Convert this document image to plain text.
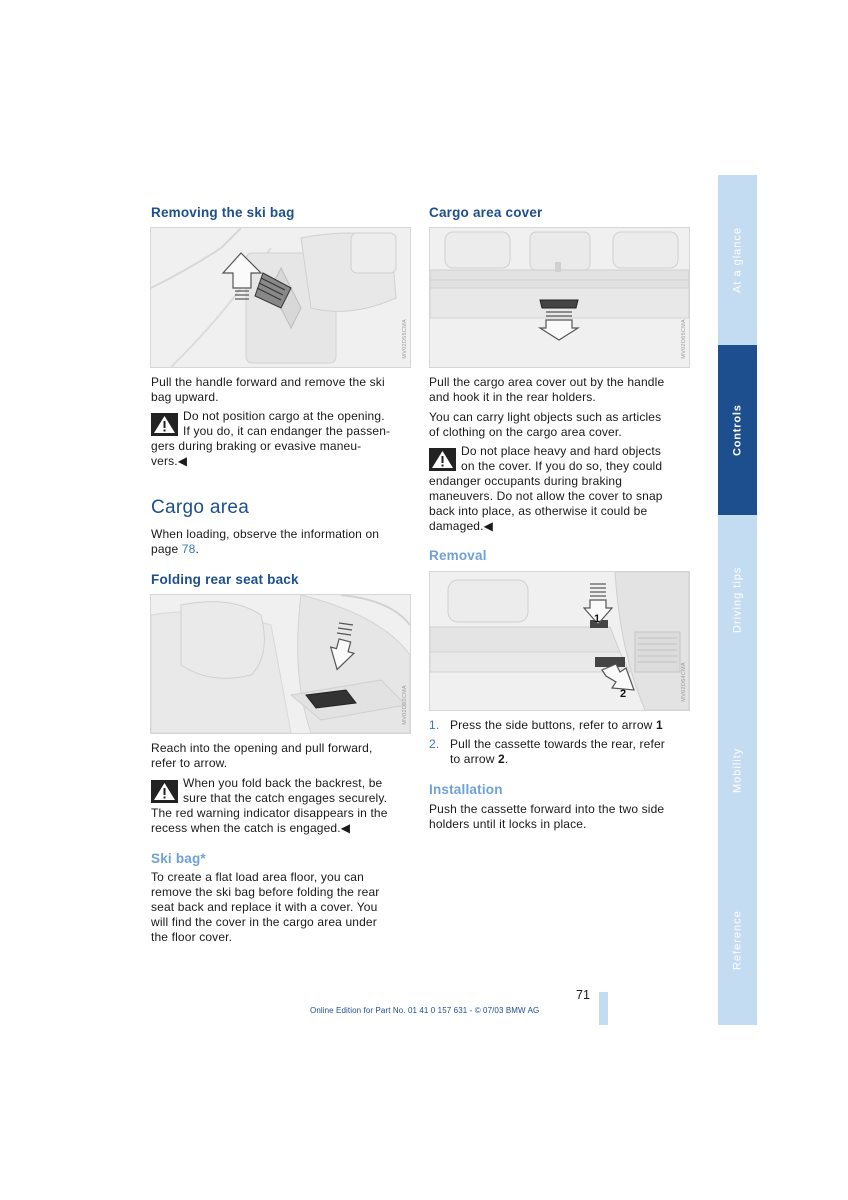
Removing the ski bag
MV02D55CMA
Pull the handle forward and remove the ski
bag upward.
Do not position cargo at the opening.
If you do, it can endanger the passen-
gers during braking or evasive maneu-
vers.◀
Cargo area
When loading, observe the information on
page 78.
Folding rear seat back
MV02D52CMA
Reach into the opening and pull forward,
refer to arrow.
When you fold back the backrest, be
sure that the catch engages securely.
The red warning indicator disappears in the
recess when the catch is engaged.◀
Ski bag*
To create a flat load area floor, you can
remove the ski bag before folding the rear
seat back and replace it with a cover. You
will find the cover in the cargo area under
the floor cover.
Cargo area cover
MV02D65CMA
Pull the cargo area cover out by the handle
and hook it in the rear holders.
You can carry light objects such as articles
of clothing on the cargo area cover.
Do not place heavy and hard objects
on the cover. If you do so, they could
endanger occupants during braking
maneuvers. Do not allow the cover to snap
back into place, as otherwise it could be
damaged.◀
Removal
1
2	MV02D64CMA
1. Press the side buttons, refer to arrow 1
2. Pull the cassette towards the rear, refer
to arrow 2.
Installation
Push the cassette forward into the two side
holders until it locks in place.
71
Online Edition for Part No. 01 41 0 157 631 - © 07/03 BMW AG
At a glance
Controls
Driving tips
Mobility
Reference
